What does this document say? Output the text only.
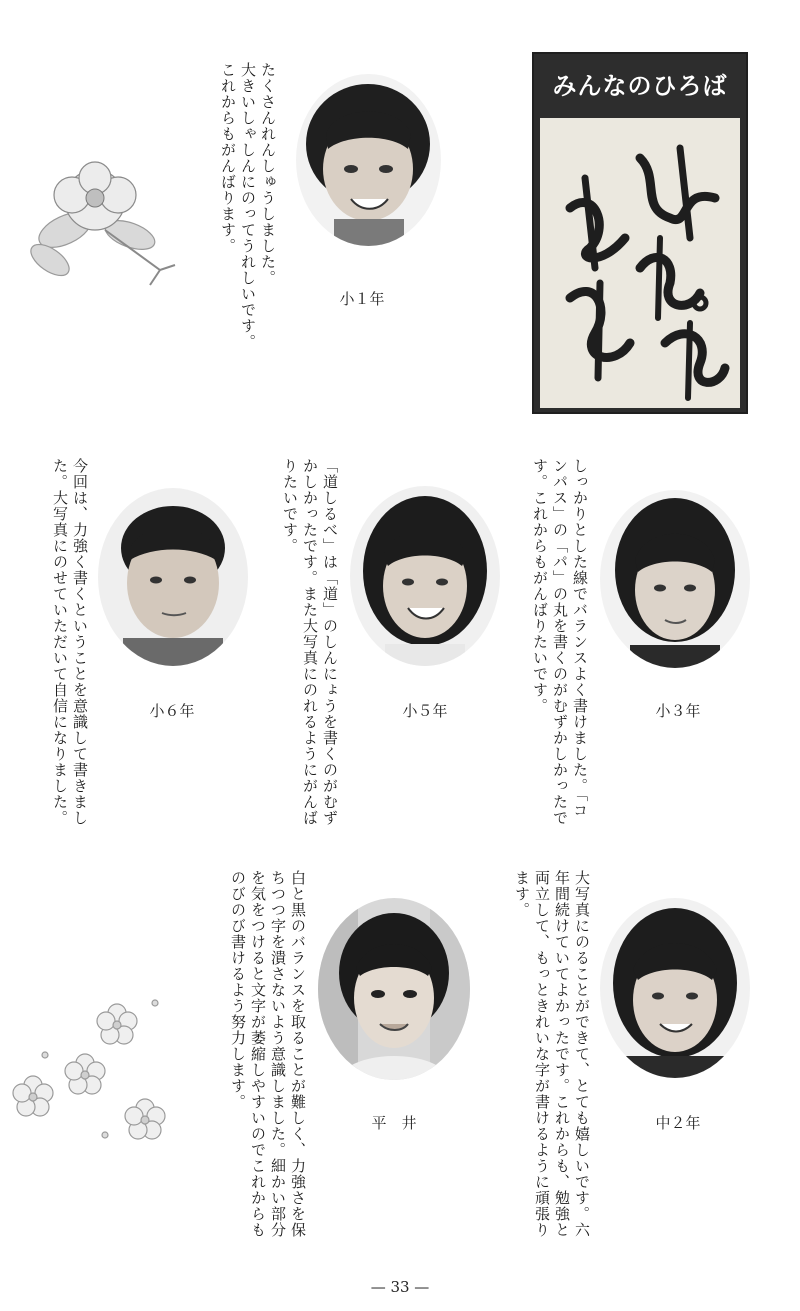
みんなのひろば
たくさんれんしゅうしました。
大きいしゃしんにのってうれしいです。
これからもがんばります。
小１年
しっかりとした線でバランスよく書けました。「コンパス」の「パ」の丸を書くのがむずかしかったです。これからもがんばりたいです。	小３年
「道しるべ」は「道」のしんにょうを書くのがむずかしかったです。また大写真にのれるようにがんばりたいです。
小５年
今回は、力強く書くということを意識して書きました。大写真にのせていただいて自信になりました。	小６年
大写真にのることができて、とても嬉しいです。六年間続けていてよかったです。これからも、勉強と両立して、もっときれいな字が書けるように頑張ります。
中２年
白と黒のバランスを取ることが難しく、力強さを保ちつつ字を潰さないよう意識しました。細かい部分を気をつけると文字が萎縮しやすいのでこれからものびのび書けるよう努力します。
平　井
— 33 —
